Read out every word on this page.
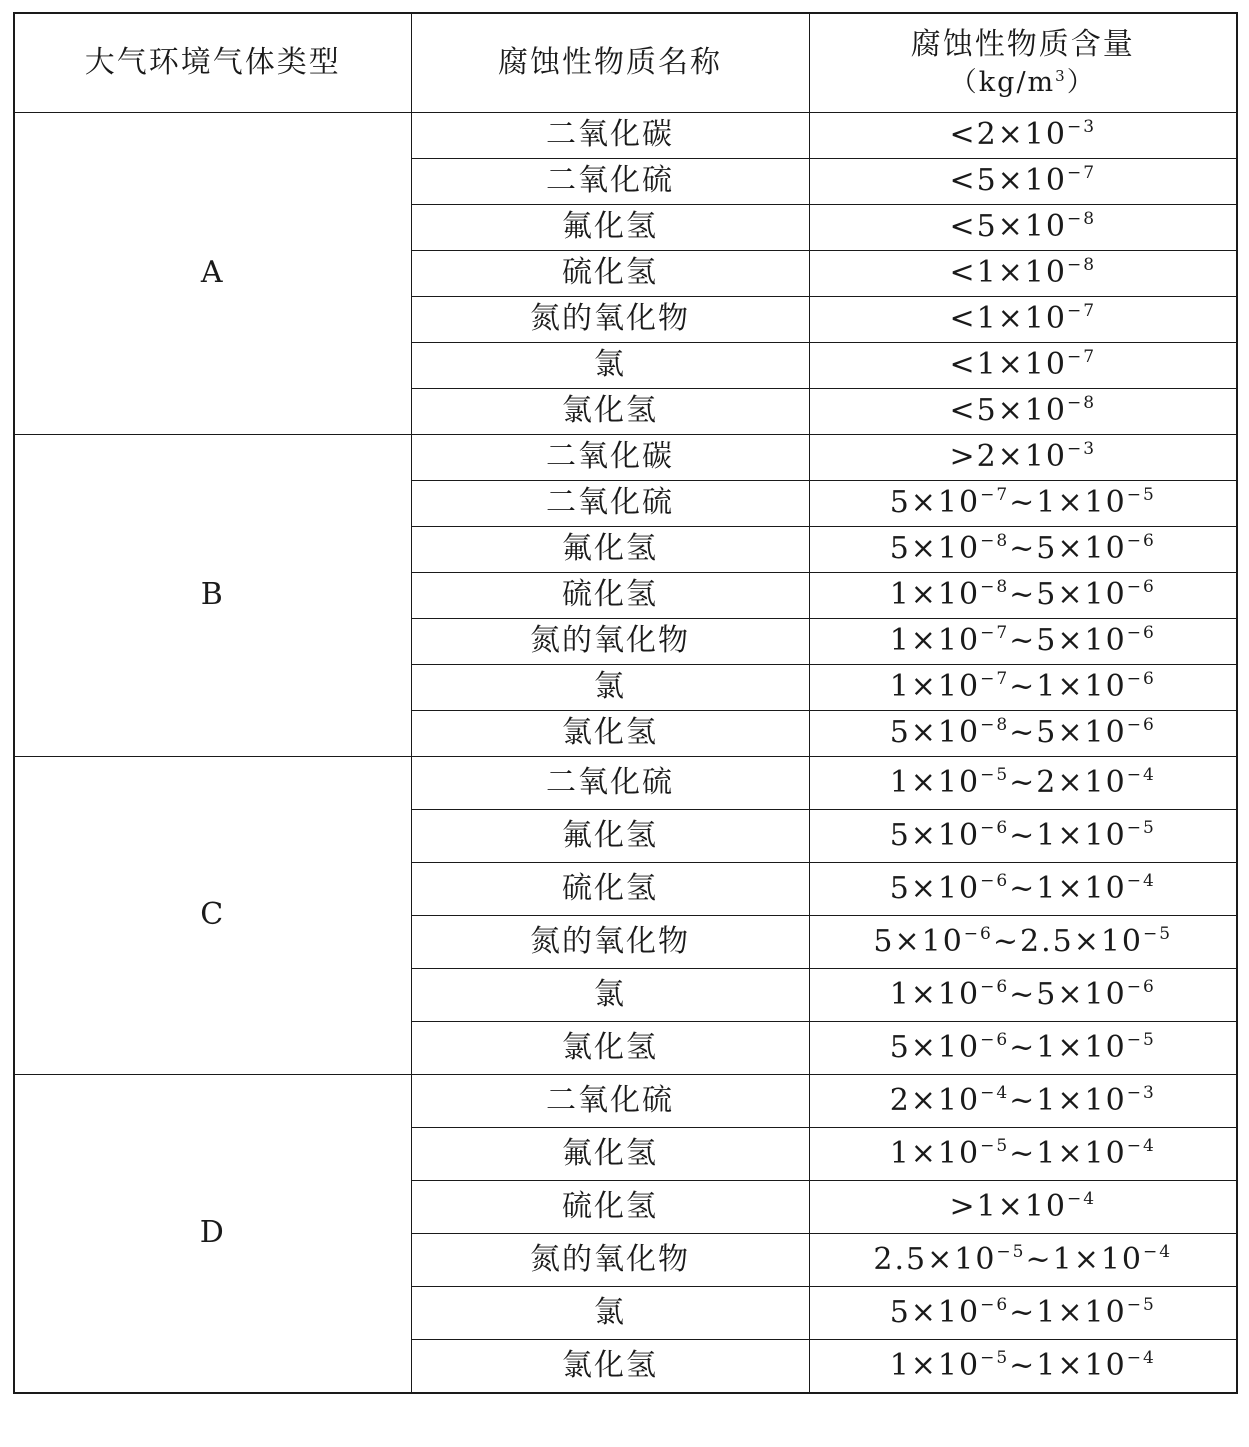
大气环境气体类型	腐蚀性物质名称	腐蚀性物质含量
$(kg/m^3)$

A	二氧化碳	$<2\times 10^{-3}$
	二氧化硫	$<5\times 10^{-7}$
	氟化氢	$<5\times 10^{-8}$
	硫化氢	$<1\times 10^{-8}$
	氮的氧化物	$<1\times 10^{-7}$
	氯	$<1\times 10^{-7}$
	氯化氢	$<5\times 10^{-8}$
B	二氧化碳	$>2\times 10^{-3}$
	二氧化硫	$5\times 10^{-7}\sim 1\times 10^{-5}$
	氟化氢	$5\times 10^{-8}\sim 5\times 10^{-6}$
	硫化氢	$1\times 10^{-8}\sim 5\times 10^{-6}$
	氮的氧化物	$1\times 10^{-7}\sim 5\times 10^{-6}$
	氯	$1\times 10^{-7}\sim 1\times 10^{-6}$
	氯化氢	$5\times 10^{-8}\sim 5\times 10^{-6}$
C	二氧化硫	$1\times 10^{-5}\sim 2\times 10^{-4}$
	氟化氢	$5\times 10^{-6}\sim 1\times 10^{-5}$
	硫化氢	$5\times 10^{-6}\sim 1\times 10^{-4}$
	氮的氧化物	$5\times 10^{-6}\sim 2.5\times 10^{-5}$
	氯	$1\times 10^{-6}\sim 5\times 10^{-6}$
	氯化氢	$5\times 10^{-6}\sim 1\times 10^{-5}$
D	二氧化硫	$2\times 10^{-4}\sim 1\times 10^{-3}$
	氟化氢	$1\times 10^{-5}\sim 1\times 10^{-4}$
	硫化氢	$>1\times 10^{-4}$
	氮的氧化物	$2.5\times 10^{-5}\sim 1\times 10^{-4}$
	氯	$5\times 10^{-6}\sim 1\times 10^{-5}$
	氯化氢	$1\times 10^{-5}\sim 1\times 10^{-4}$
